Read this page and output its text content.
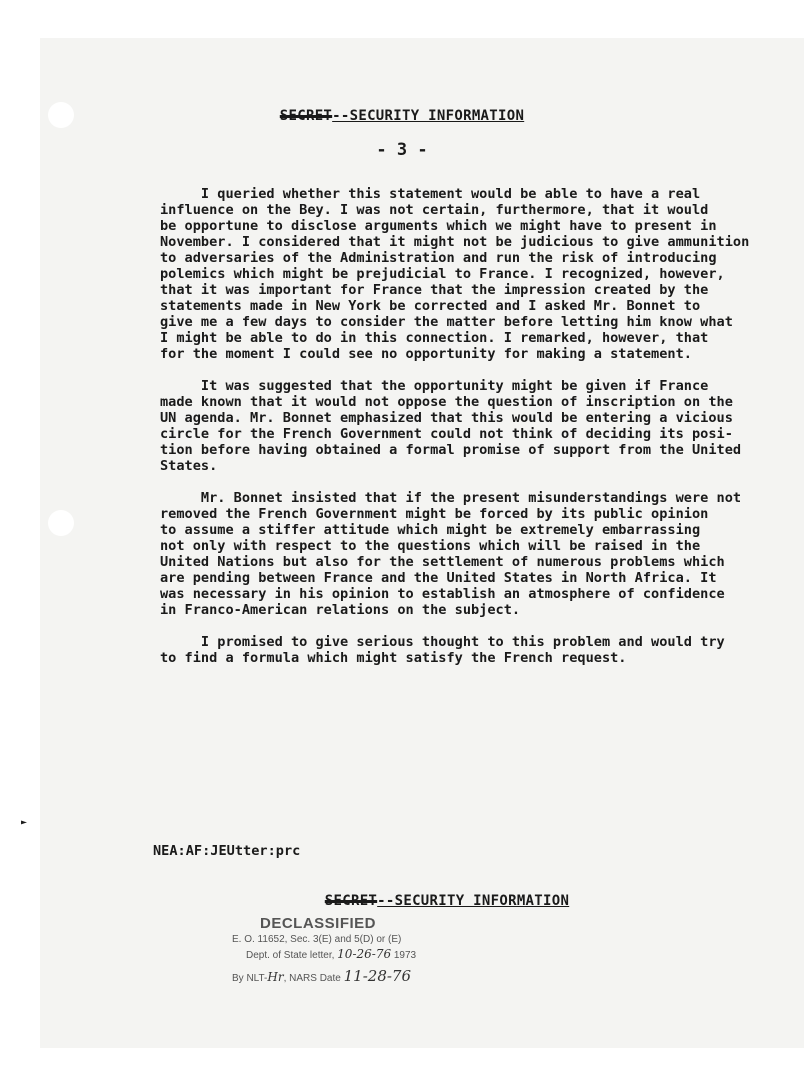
►
SECRET--SECURITY INFORMATION
- 3 -
I queried whether this statement would be able to have a real
influence on the Bey. I was not certain, furthermore, that it would
be opportune to disclose arguments which we might have to present in
November. I considered that it might not be judicious to give ammunition
to adversaries of the Administration and run the risk of introducing
polemics which might be prejudicial to France. I recognized, however,
that it was important for France that the impression created by the
statements made in New York be corrected and I asked Mr. Bonnet to
give me a few days to consider the matter before letting him know what
I might be able to do in this connection. I remarked, however, that
for the moment I could see no opportunity for making a statement.
It was suggested that the opportunity might be given if France
made known that it would not oppose the question of inscription on the
UN agenda. Mr. Bonnet emphasized that this would be entering a vicious
circle for the French Government could not think of deciding its posi-
tion before having obtained a formal promise of support from the United
States.
Mr. Bonnet insisted that if the present misunderstandings were not
removed the French Government might be forced by its public opinion
to assume a stiffer attitude which might be extremely embarrassing
not only with respect to the questions which will be raised in the
United Nations but also for the settlement of numerous problems which
are pending between France and the United States in North Africa. It
was necessary in his opinion to establish an atmosphere of confidence
in Franco-American relations on the subject.
I promised to give serious thought to this problem and would try
to find a formula which might satisfy the French request.
NEA:AF:JEUtter:prc
SECRET--SECURITY INFORMATION
DECLASSIFIED
E. O. 11652, Sec. 3(E) and 5(D) or (E)
Dept. of State letter, 10-26-76 1973
By NLT-Hr, NARS Date 11-28-76
